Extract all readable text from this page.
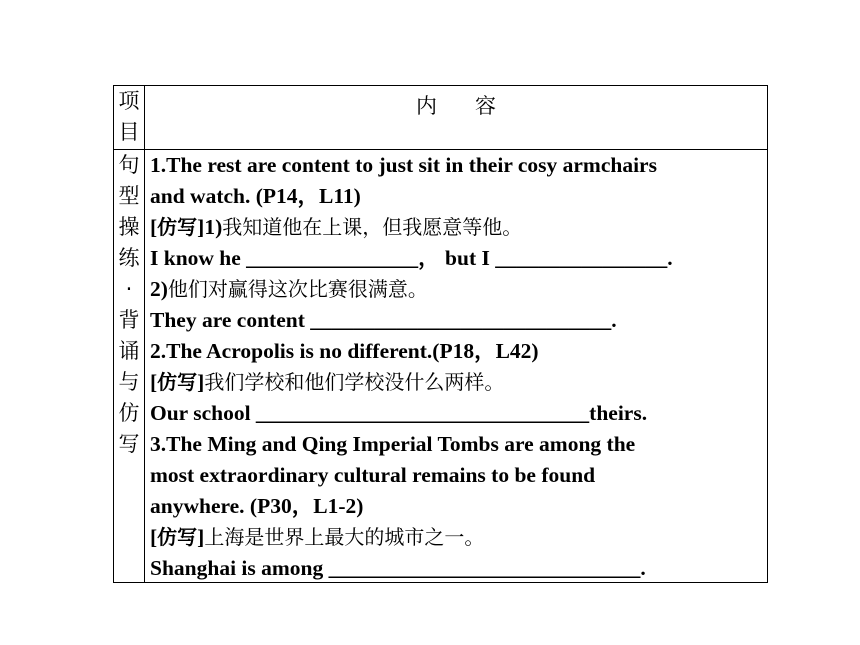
项
目
内容
句
型
操
练
·
背
诵
与
仿
写
1.The rest are content to just sit in their cosy armchairs
and watch. (P14，L11)
[仿写]1)我知道他在上课，但我愿意等他。
I know he ________________， but I ________________.
2)他们对赢得这次比赛很满意。
They are content ____________________________.
2.The Acropolis is no different.(P18，L42)
[仿写]我们学校和他们学校没什么两样。
Our school _______________________________theirs.
3.The Ming and Qing Imperial Tombs are among the
most extraordinary cultural remains to be found
anywhere. (P30，L1-2)
[仿写]上海是世界上最大的城市之一。
Shanghai is among _____________________________.
